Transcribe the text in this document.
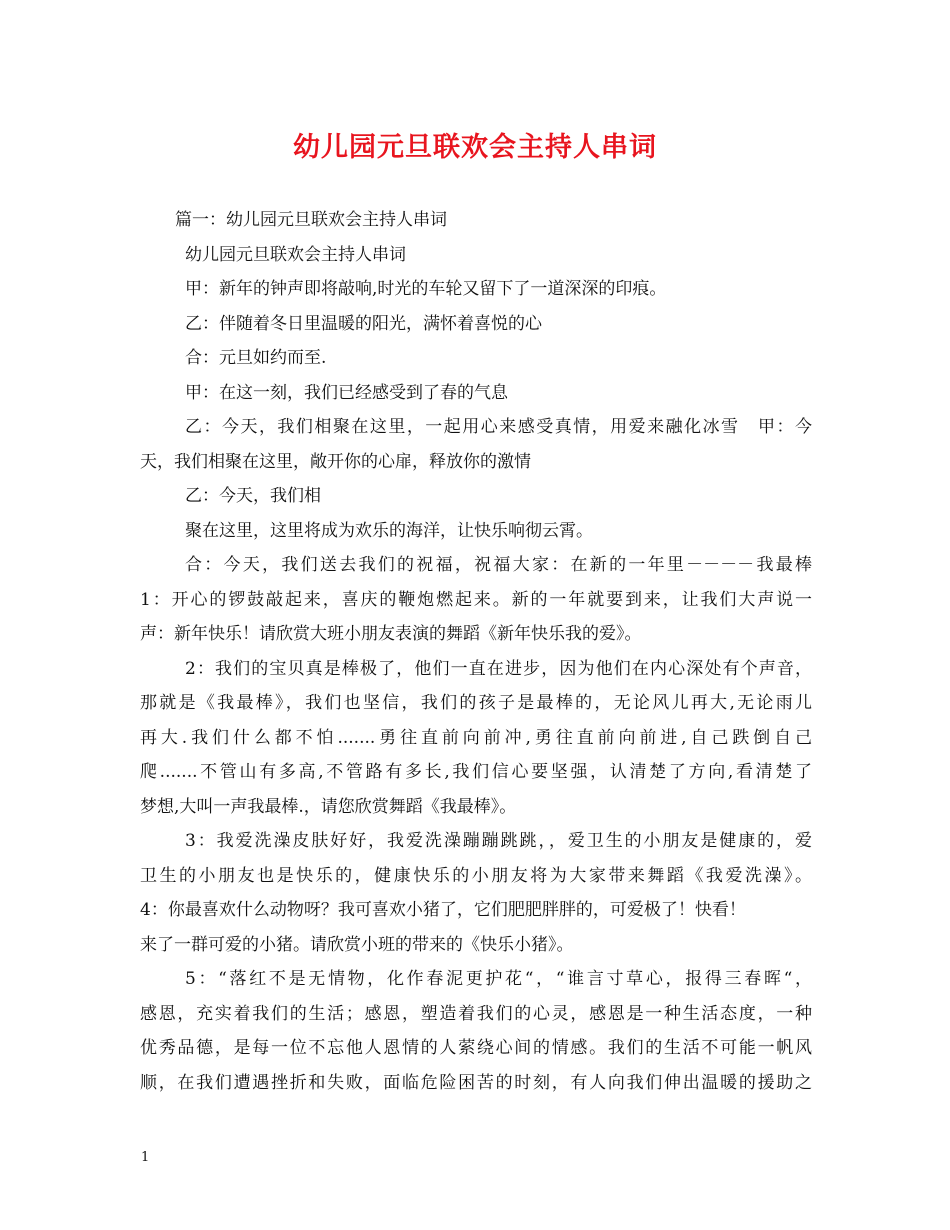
幼儿园元旦联欢会主持人串词
篇一：幼儿园元旦联欢会主持人串词
幼儿园元旦联欢会主持人串词
甲：新年的钟声即将敲响,时光的车轮又留下了一道深深的印痕。
乙：伴随着冬日里温暖的阳光，满怀着喜悦的心
合：元旦如约而至.
甲：在这一刻，我们已经感受到了春的气息
乙：今天，我们相聚在这里，一起用心来感受真情，用爱来融化冰雪　甲：今
天，我们相聚在这里，敞开你的心扉，释放你的激情
乙：今天，我们相
聚在这里，这里将成为欢乐的海洋，让快乐响彻云霄。
合：今天，我们送去我们的祝福，祝福大家：在新的一年里－－－－我最棒
1：开心的锣鼓敲起来，喜庆的鞭炮燃起来。新的一年就要到来，让我们大声说一
声：新年快乐！请欣赏大班小朋友表演的舞蹈《新年快乐我的爱》。
2：我们的宝贝真是棒极了，他们一直在进步，因为他们在内心深处有个声音，
那就是《我最棒》，我们也坚信，我们的孩子是最棒的，无论风儿再大,无论雨儿
再大.我们什么都不怕.......勇往直前向前冲,勇往直前向前进,自己跌倒自己
爬.......不管山有多高,不管路有多长,我们信心要坚强，认清楚了方向,看清楚了
梦想,大叫一声我最棒.，请您欣赏舞蹈《我最棒》。
3：我爱洗澡皮肤好好，我爱洗澡蹦蹦跳跳，，爱卫生的小朋友是健康的，爱
卫生的小朋友也是快乐的，健康快乐的小朋友将为大家带来舞蹈《我爱洗澡》。
4：你最喜欢什么动物呀？我可喜欢小猪了，它们肥肥胖胖的，可爱极了！快看！
来了一群可爱的小猪。请欣赏小班的带来的《快乐小猪》。
5：“落红不是无情物，化作春泥更护花“，“谁言寸草心，报得三春晖“，
感恩，充实着我们的生活；感恩，塑造着我们的心灵，感恩是一种生活态度，一种
优秀品德，是每一位不忘他人恩情的人萦绕心间的情感。我们的生活不可能一帆风
顺，在我们遭遇挫折和失败，面临危险困苦的时刻，有人向我们伸出温暖的援助之
1
